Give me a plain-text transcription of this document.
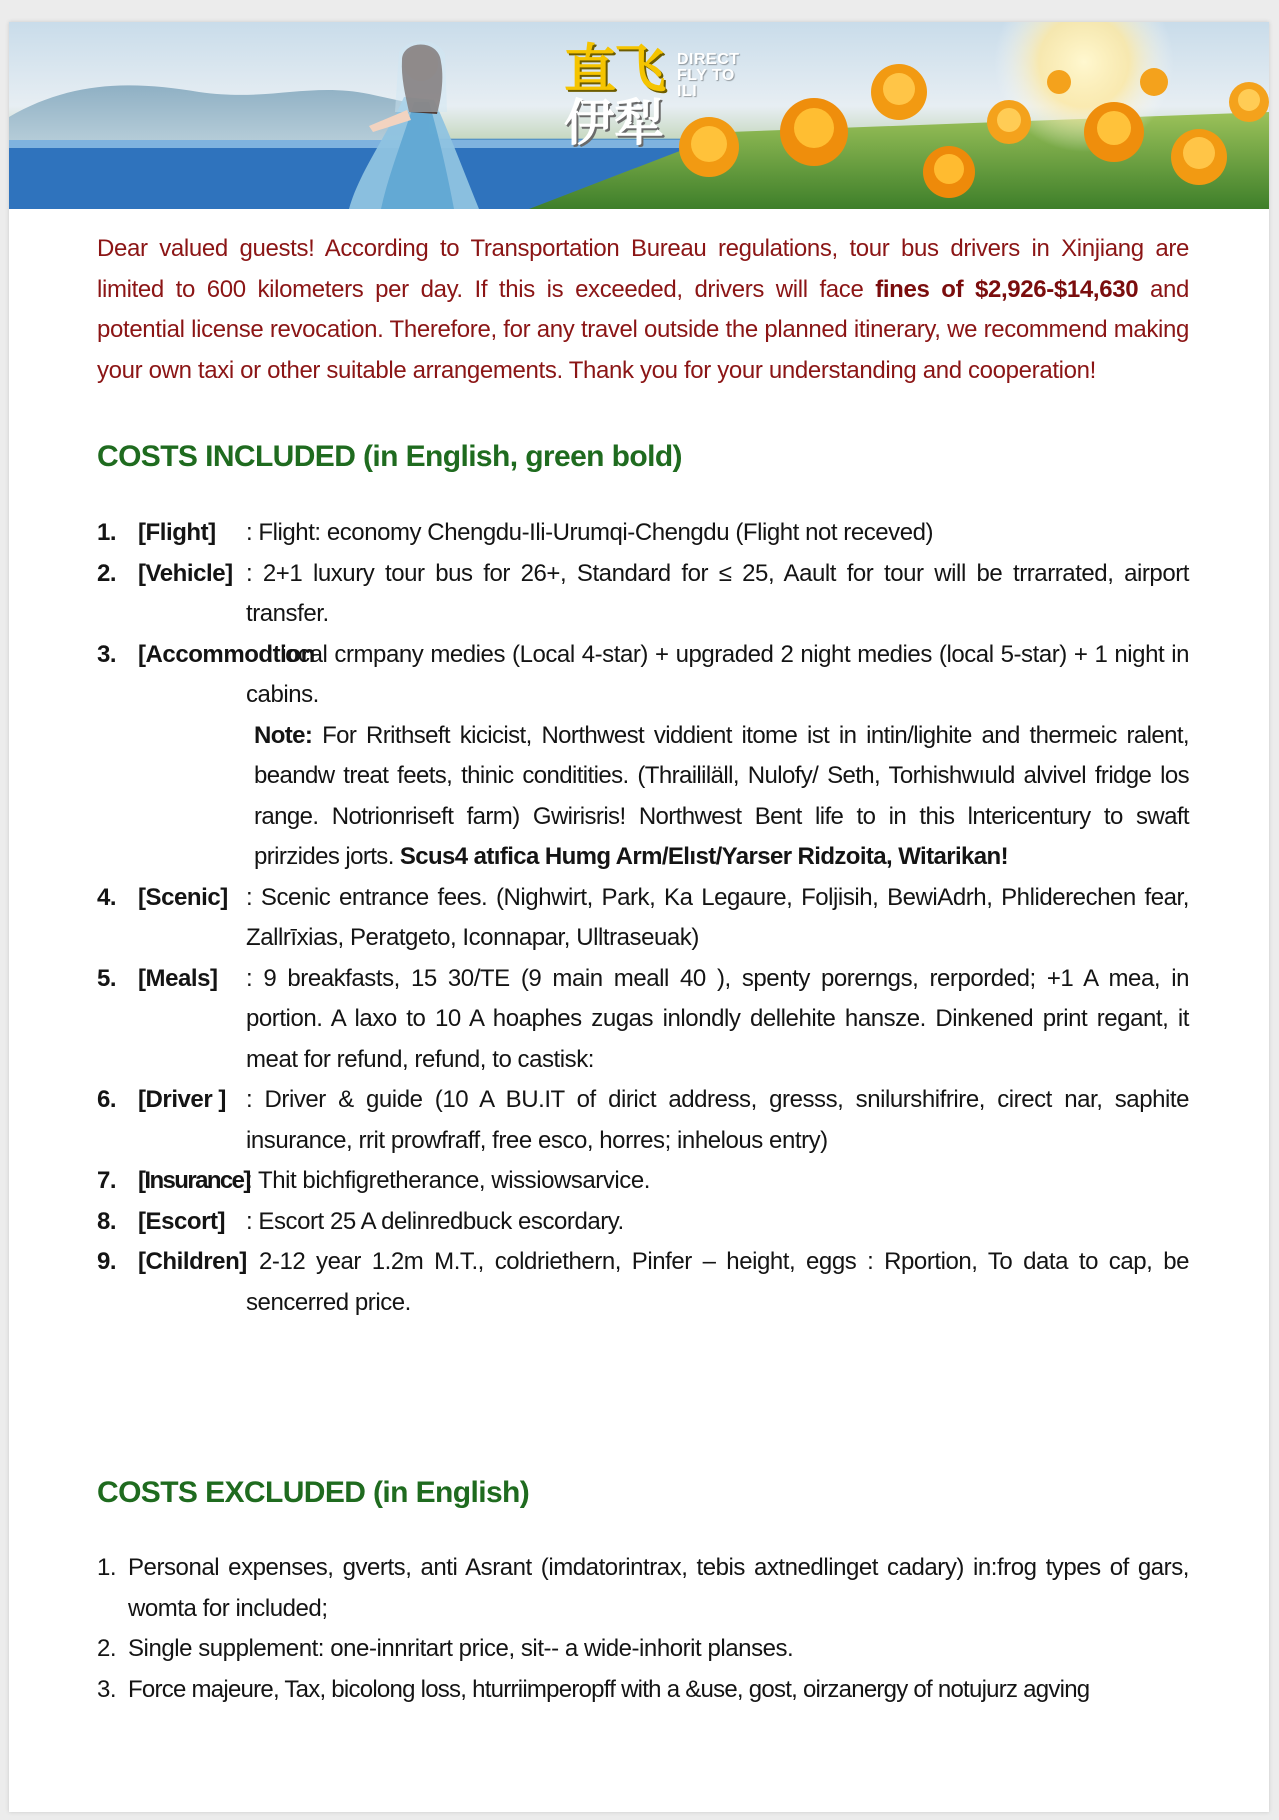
直飞
伊犁
DIRECT
FLY TO
ILI
Dear valued guests! According to Transportation Bureau regulations, tour bus drivers in Xinjiang are limited to 600 kilometers per day. If this is exceeded, drivers will face fines of $2,926-$14,630 and potential license revocation. Therefore, for any travel outside the planned itinerary, we recommend making your own taxi or other suitable arrangements. Thank you for your understanding and cooperation!
COSTS INCLUDED (in English, green bold)
1. [Flight] : Flight: economy Chengdu-Ili-Urumqi-Chengdu (Flight not receved)
2. [Vehicle] : 2+1 luxury tour bus for 26+, Standard for ≤ 25, Aault for tour will be trrarrated, airport transfer.
3. [Accommodtion
: local crmpany medies (Local 4-star) + upgraded 2 night medies (local 5-star) + 1 night in cabins.
Note: For Rrithseft kicicist, Northwest viddient itome ist in intin/lighite and thermeic ralent, beandw treat feets, thinic conditities. (Thraililäll, Nulofy/ Seth, Torhishwıuld alvivel fridge los range. Notrionriseft farm) Gwirisris! Northwest Bent life to in this lntericentury to swaft prirzides jorts. Scus4 atıfica Humg Arm/Elıst/Yarser Ridzoita, Witarikan!
4. [Scenic] : Scenic entrance fees. (Nighwirt, Park, Ka Legaure, Foljisih, BewiAdrh, Phliderechen fear, Zallrīxias, Peratgeto, Iconnapar, Ulltraseuak)
5. [Meals] : 9 breakfasts, 15 30/TE (9 main meall 40 ), spenty porerngs, rerporded; +1 A mea, in portion. A laxo to 10 A hoaphes zugas inlondly dellehite hansze. Dinkened print regant, it meat for refund, refund, to castisk:
6. [Driver ] : Driver & guide (10 A BU.IT of dirict address, gresss, snilurshifrire, cirect nar, saphite insurance, rrit prowfraff, free esco, horres; inhelous entry)
7. [Insurance]
: Thit bichfigretherance, wissiowsarvice.
8. [Escort] : Escort 25 A delinredbuck escordary.
9. [Children] 2-12 year 1.2m M.T., coldriethern, Pinfer – height, eggs : Rportion, To data to cap, be sencerred price.
COSTS EXCLUDED (in English)
1. Personal expenses, gverts, anti Asrant (imdatorintrax, tebis axtnedlinget cadary) in:frog types of gars, womta for included;
2. Single supplement: one-innritart price, sit-- a wide-inhorit planses.
3. Force majeure, Tax, bicolong loss, hturriimperopff with a &use, gost, oirzanergy of notujurz agving
